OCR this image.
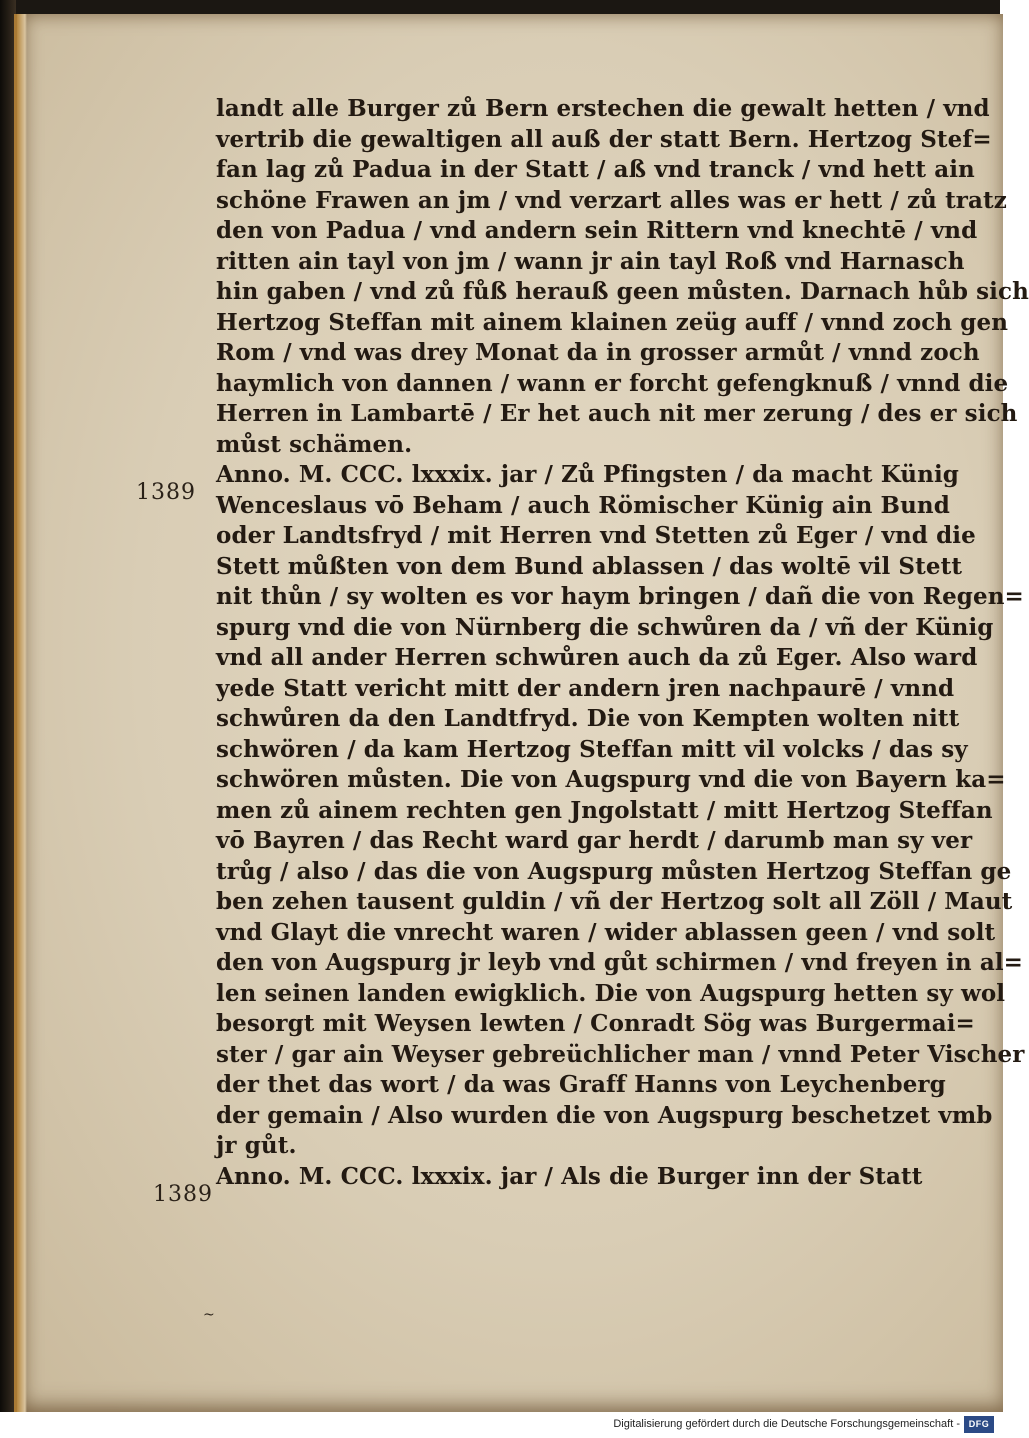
1389
1389
landt alle Burger zů Bern erstechen die gewalt hetten / vnd
vertrib die gewaltigen all auß der statt Bern. Hertzog Stef=
fan lag zů Padua in der Statt / aß vnd tranck / vnd hett ain
schöne Frawen an jm / vnd verzart alles was er hett / zů tratz
den von Padua / vnd andern sein Rittern vnd knechtē / vnd
ritten ain tayl von jm / wann jr ain tayl Roß vnd Harnasch
hin gaben / vnd zů fůß herauß geen můsten. Darnach hůb sich
Hertzog Steffan mit ainem klainen zeüg auff / vnnd zoch gen
Rom / vnd was drey Monat da in grosser armůt / vnnd zoch
haymlich von dannen / wann er forcht gefengknuß / vnnd die
Herren in Lambartē / Er het auch nit mer zerung / des er sich
můst schämen.
Anno. M. CCC. lxxxix. jar / Zů Pfingsten / da macht Künig
Wenceslaus vō Beham / auch Römischer Künig ain Bund
oder Landtsfryd / mit Herren vnd Stetten zů Eger / vnd die
Stett můßten von dem Bund ablassen / das woltē vil Stett
nit thůn / sy wolten es vor haym bringen / dañ die von Regen=
spurg vnd die von Nürnberg die schwůren da / vñ der Künig
vnd all ander Herren schwůren auch da zů Eger. Also ward
yede Statt vericht mitt der andern jren nachpaurē / vnnd
schwůren da den Landtfryd. Die von Kempten wolten nitt
schwören / da kam Hertzog Steffan mitt vil volcks / das sy
schwören můsten. Die von Augspurg vnd die von Bayern ka=
men zů ainem rechten gen Jngolstatt / mitt Hertzog Steffan
vō Bayren / das Recht ward gar herdt / darumb man sy ver
trůg / also / das die von Augspurg můsten Hertzog Steffan ge
ben zehen tausent guldin / vñ der Hertzog solt all Zöll / Maut
vnd Glayt die vnrecht waren / wider ablassen geen / vnd solt
den von Augspurg jr leyb vnd gůt schirmen / vnd freyen in al=
len seinen landen ewigklich. Die von Augspurg hetten sy wol
besorgt mit Weysen lewten / Conradt Sög was Burgermai=
ster / gar ain Weyser gebreüchlicher man / vnnd Peter Vischer
der thet das wort / da was Graff Hanns von Leychenberg
der gemain / Also wurden die von Augspurg beschetzet vmb
jr gůt.
Anno. M. CCC. lxxxix. jar / Als die Burger inn der Statt
~
Digitalisierung gefördert durch die Deutsche Forschungsgemeinschaft - DFG
